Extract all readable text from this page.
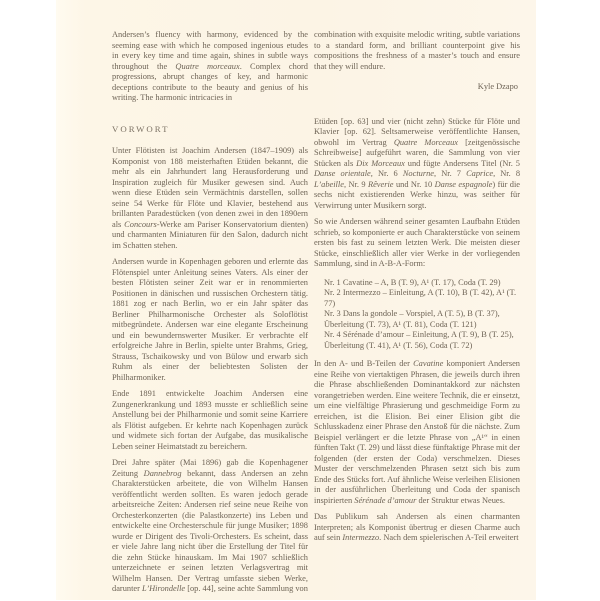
Andersen’s fluency with harmony, evidenced by the seeming ease with which he composed ingenious etudes in every key time and time again, shines in subtle ways throughout the Quatre morceaux. Complex chord progressions, abrupt changes of key, and harmonic deceptions contribute to the beauty and genius of his writing. The harmonic intricacies in

VORWORT

Unter Flötisten ist Joachim Andersen (1847–1909) als Komponist von 188 meisterhaften Etüden bekannt, die mehr als ein Jahrhundert lang Herausforderung und Inspiration zugleich für Musiker gewesen sind. Auch wenn diese Etüden sein Vermächtnis darstellen, sollen seine 54 Werke für Flöte und Klavier, bestehend aus brillanten Paradestücken (von denen zwei in den 1890ern als Concours-Werke am Pariser Konservatorium dienten) und charmanten Miniaturen für den Salon, dadurch nicht im Schatten stehen.

Andersen wurde in Kopenhagen geboren und erlernte das Flötenspiel unter Anleitung seines Vaters. Als einer der besten Flötisten seiner Zeit war er in renommierten Positionen in dänischen und russischen Orchestern tätig. 1881 zog er nach Berlin, wo er ein Jahr später das Berliner Philharmonische Orchester als Soloflötist mitbegründete. Andersen war eine elegante Erscheinung und ein bewundernswerter Musiker. Er verbrachte elf erfolgreiche Jahre in Berlin, spielte unter Brahms, Grieg, Strauss, Tschaikowsky und von Bülow und erwarb sich Ruhm als einer der beliebtesten Solisten der Philharmoniker.

Ende 1891 entwickelte Joachim Andersen eine Zungenerkrankung und 1893 musste er schließlich seine Anstellung bei der Philharmonie und somit seine Karriere als Flötist aufgeben. Er kehrte nach Kopenhagen zurück und widmete sich fortan der Aufgabe, das musikalische Leben seiner Heimatstadt zu bereichern.

Drei Jahre später (Mai 1896) gab die Kopenhagener Zeitung Dannebrog bekannt, dass Andersen an zehn Charakterstücken arbeitete, die von Wilhelm Hansen veröffentlicht werden sollten. Es waren jedoch gerade arbeitsreiche Zeiten: Andersen rief seine neue Reihe von Orchesterkonzerten (die Palastkonzerte) ins Leben und entwickelte eine Orchesterschule für junge Musiker; 1898 wurde er Dirigent des Tivoli-Orchesters. Es scheint, dass er viele Jahre lang nicht über die Erstellung der Titel für die zehn Stücke hinauskam. Im Mai 1907 schließlich unterzeichnete er seinen letzten Verlagsvertrag mit Wilhelm Hansen. Der Vertrag umfasste sieben Werke, darunter L’Hirondelle [op. 44], seine achte Sammlung von

combination with exquisite melodic writing, subtle variations to a standard form, and brilliant counterpoint give his compositions the freshness of a master’s touch and ensure that they will endure.

Kyle Dzapo

Etüden [op. 63] und vier (nicht zehn) Stücke für Flöte und Klavier [op. 62]. Seltsamerweise veröffentlichte Hansen, obwohl im Vertrag Quatre Morceaux [zeitgenössische Schreibweise] aufgeführt waren, die Sammlung von vier Stücken als Dix Morceaux und fügte Andersens Titel (Nr. 5 Danse orientale, Nr. 6 Nocturne, Nr. 7 Caprice, Nr. 8 L’abeille, Nr. 9 Rêverie und Nr. 10 Danse espagnole) für die sechs nicht existierenden Werke hinzu, was seither für Verwirrung unter Musikern sorgt.

So wie Andersen während seiner gesamten Laufbahn Etüden schrieb, so komponierte er auch Charakterstücke von seinem ersten bis fast zu seinem letzten Werk. Die meisten dieser Stücke, einschließlich aller vier Werke in der vorliegenden Sammlung, sind in A-B-A-Form:

Nr. 1 Cavatine – A, B (T. 9), A¹ (T. 17), Coda (T. 29)
Nr. 2 Intermezzo – Einleitung, A (T. 10), B (T. 42), A¹ (T. 77)
Nr. 3 Dans la gondole – Vorspiel, A (T. 5), B (T. 37), Überleitung (T. 73), A¹ (T. 81), Coda (T. 121)
Nr. 4 Sérénade d’amour – Einleitung, A (T. 9), B (T. 25), Überleitung (T. 41), A¹ (T. 56), Coda (T. 72)

In den A- und B-Teilen der Cavatine komponiert Andersen eine Reihe von viertaktigen Phrasen, die jeweils durch ihren die Phrase abschließenden Dominantakkord zur nächsten vorangetrieben werden. Eine weitere Technik, die er einsetzt, um eine vielfältige Phrasierung und geschmeidige Form zu erreichen, ist die Elision. Bei einer Elision gibt die Schlusskadenz einer Phrase den Anstoß für die nächste. Zum Beispiel verlängert er die letzte Phrase von „A¹“ in einen fünften Takt (T. 29) und lässt diese fünftaktige Phrase mit der folgenden (der ersten der Coda) verschmelzen. Dieses Muster der verschmelzenden Phrasen setzt sich bis zum Ende des Stücks fort. Auf ähnliche Weise verleihen Elisionen in der ausführlichen Überleitung und Coda der spanisch inspirierten Sérénade d’amour der Struktur etwas Neues.

Das Publikum sah Andersen als einen charmanten Interpreten; als Komponist übertrug er diesen Charme auch auf sein Intermezzo. Nach dem spielerischen A-Teil erweitert
